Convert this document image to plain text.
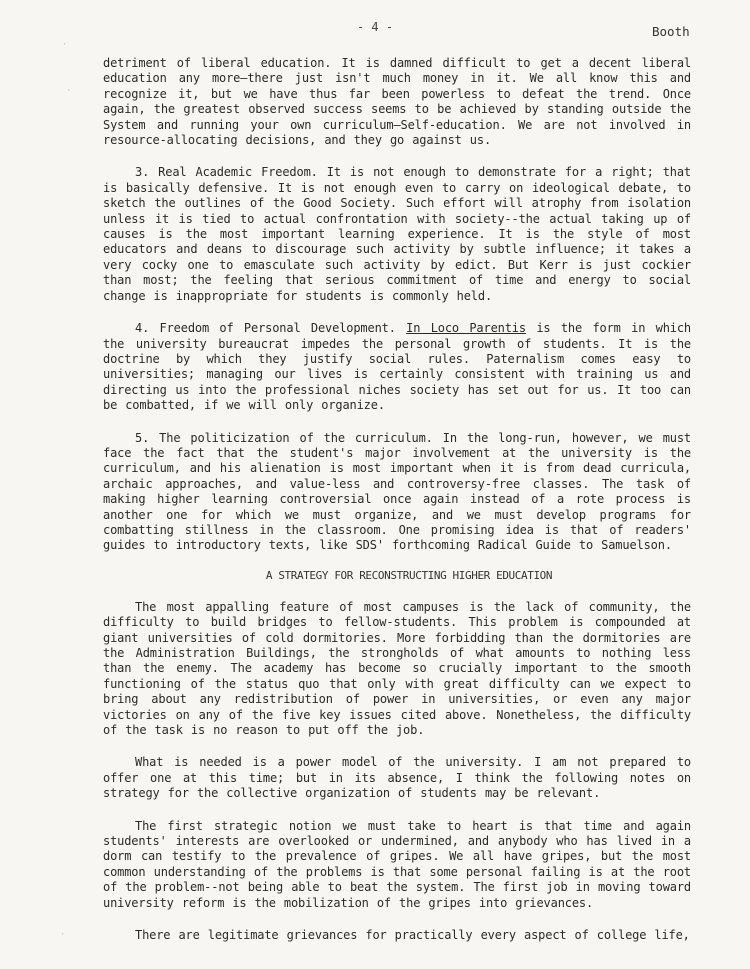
- 4 -	Booth
·
·
·

detriment of liberal education. It is damned difficult to get a decent liberal education any more—there just isn't much money in it. We all know this and recognize it, but we have thus far been powerless to defeat the trend. Once again, the greatest observed success seems to be achieved by standing outside the System and running your own curriculum—Self-education. We are not involved in resource-allocating decisions, and they go against us.

3. Real Academic Freedom. It is not enough to demonstrate for a right; that is basically defensive. It is not enough even to carry on ideological debate, to sketch the outlines of the Good Society. Such effort will atrophy from isolation unless it is tied to actual confrontation with society--the actual taking up of causes is the most important learning experience. It is the style of most educators and deans to discourage such activity by subtle influence; it takes a very cocky one to emasculate such activity by edict. But Kerr is just cockier than most; the feeling that serious commitment of time and energy to social change is inappropriate for students is commonly held.

4. Freedom of Personal Development. In Loco Parentis is the form in which the university bureaucrat impedes the personal growth of students. It is the doctrine by which they justify social rules. Paternalism comes easy to universities; managing our lives is certainly consistent with training us and directing us into the professional niches society has set out for us. It too can be combatted, if we will only organize.

5. The politicization of the curriculum. In the long-run, however, we must face the fact that the student's major involvement at the university is the curriculum, and his alienation is most important when it is from dead curricula, archaic approaches, and value-less and controversy-free classes. The task of making higher learning controversial once again instead of a rote process is another one for which we must organize, and we must develop programs for combatting stillness in the classroom. One promising idea is that of readers' guides to introductory texts, like SDS' forthcoming Radical Guide to Samuelson.

A STRATEGY FOR RECONSTRUCTING HIGHER EDUCATION

The most appalling feature of most campuses is the lack of community, the difficulty to build bridges to fellow-students. This problem is compounded at giant universities of cold dormitories. More forbidding than the dormitories are the Administration Buildings, the strongholds of what amounts to nothing less than the enemy. The academy has become so crucially important to the smooth functioning of the status quo that only with great difficulty can we expect to bring about any redistribution of power in universities, or even any major victories on any of the five key issues cited above. Nonetheless, the difficulty of the task is no reason to put off the job.

What is needed is a power model of the university. I am not prepared to offer one at this time; but in its absence, I think the following notes on strategy for the collective organization of students may be relevant.

The first strategic notion we must take to heart is that time and again students' interests are overlooked or undermined, and anybody who has lived in a dorm can testify to the prevalence of gripes. We all have gripes, but the most common understanding of the problems is that some personal failing is at the root of the problem--not being able to beat the system. The first job in moving toward university reform is the mobilization of the gripes into grievances.

There are legitimate grievances for practically every aspect of college life,
